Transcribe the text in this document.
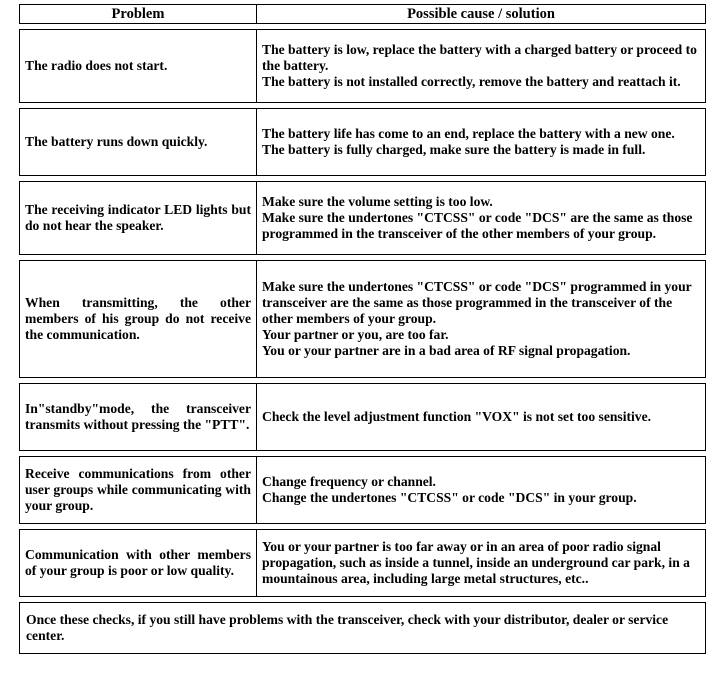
Problem	Possible cause / solution

The radio does not start.	The battery is low, replace the battery with a charged battery or proceed to the battery.
The battery is not installed correctly, remove the battery and reattach it.

The battery runs down quickly.	The battery life has come to an end, replace the battery with a new one.
The battery is fully charged, make sure the battery is made in full.

The receiving indicator LED lights but do not hear the speaker.	Make sure the volume setting is too low.
Make sure the undertones "CTCSS" or code "DCS" are the same as those programmed in the transceiver of the other members of your group.

When transmitting, the other members of his group do not receive the communication.	Make sure the undertones "CTCSS" or code "DCS" programmed in your transceiver are the same as those programmed in the transceiver of the other members of your group.
Your partner or you, are too far.
You or your partner are in a bad area of RF signal propagation.

In"standby"mode, the transceiver transmits without pressing the "PTT".	Check the level adjustment function "VOX" is not set too sensitive.

Receive communications from other user groups while communicating with your group.	Change frequency or channel.
Change the undertones "CTCSS" or code "DCS" in your group.

Communication with other members of your group is poor or low quality.	You or your partner is too far away or in an area of poor radio signal propagation, such as inside a tunnel, inside an underground car park, in a mountainous area, including large metal structures, etc..

Once these checks, if you still have problems with the transceiver, check with your distributor, dealer or service center.	
